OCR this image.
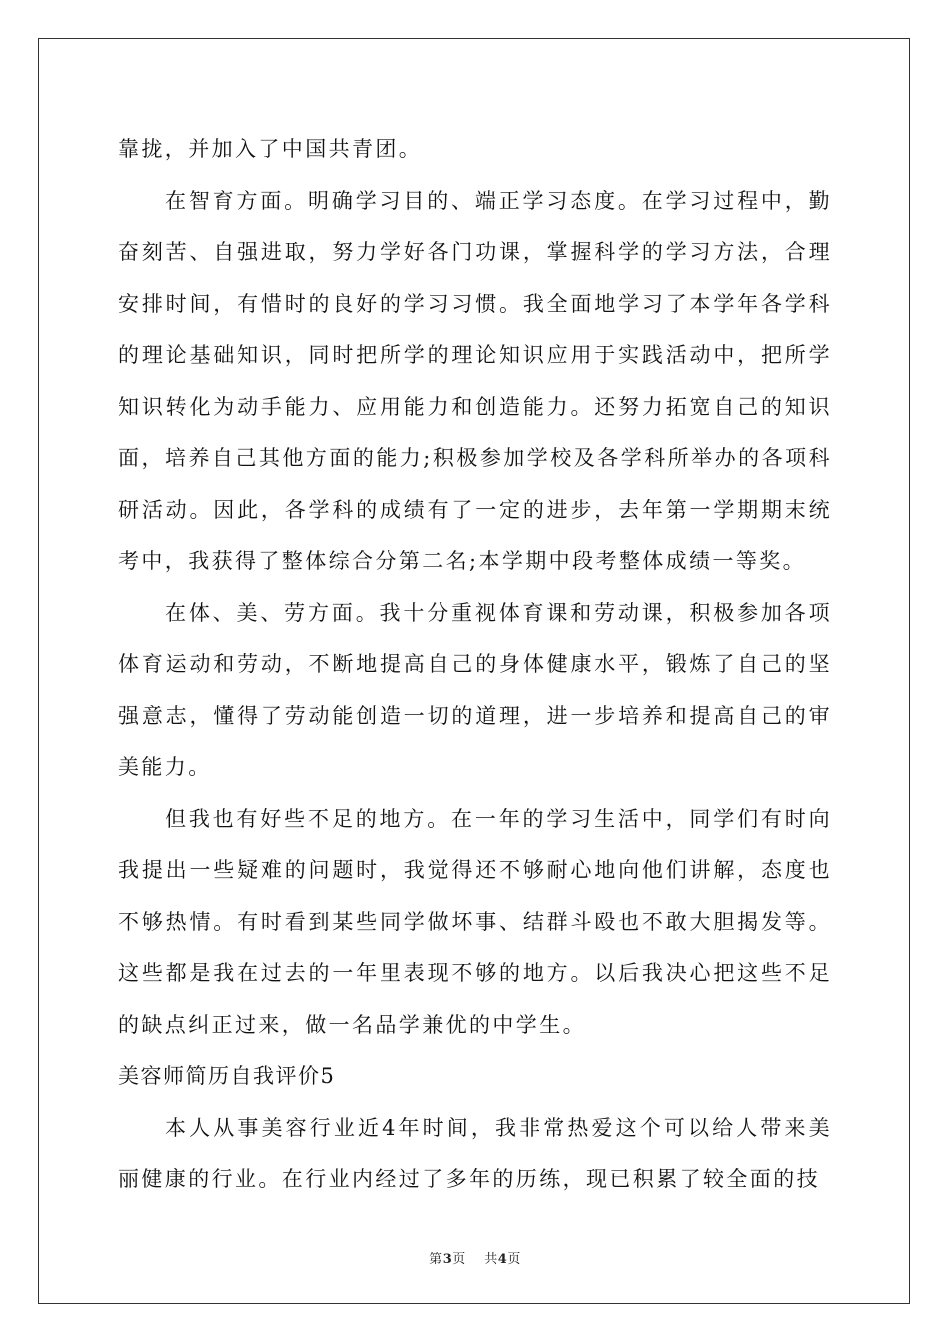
靠拢，并加入了中国共青团。

在智育方面。明确学习目的、端正学习态度。在学习过程中，勤奋刻苦、自强进取，努力学好各门功课，掌握科学的学习方法，合理安排时间，有惜时的良好的学习习惯。我全面地学习了本学年各学科的理论基础知识，同时把所学的理论知识应用于实践活动中，把所学知识转化为动手能力、应用能力和创造能力。还努力拓宽自己的知识面，培养自己其他方面的能力;积极参加学校及各学科所举办的各项科研活动。因此，各学科的成绩有了一定的进步，去年第一学期期末统考中，我获得了整体综合分第二名;本学期中段考整体成绩一等奖。

在体、美、劳方面。我十分重视体育课和劳动课，积极参加各项体育运动和劳动，不断地提高自己的身体健康水平，锻炼了自己的坚强意志，懂得了劳动能创造一切的道理，进一步培养和提高自己的审美能力。

但我也有好些不足的地方。在一年的学习生活中，同学们有时向我提出一些疑难的问题时，我觉得还不够耐心地向他们讲解，态度也不够热情。有时看到某些同学做坏事、结群斗殴也不敢大胆揭发等。这些都是我在过去的一年里表现不够的地方。以后我决心把这些不足的缺点纠正过来，做一名品学兼优的中学生。

美容师简历自我评价5

本人从事美容行业近4年时间，我非常热爱这个可以给人带来美丽健康的行业。在行业内经过了多年的历练，现已积累了较全面的技

第3页    共4页
